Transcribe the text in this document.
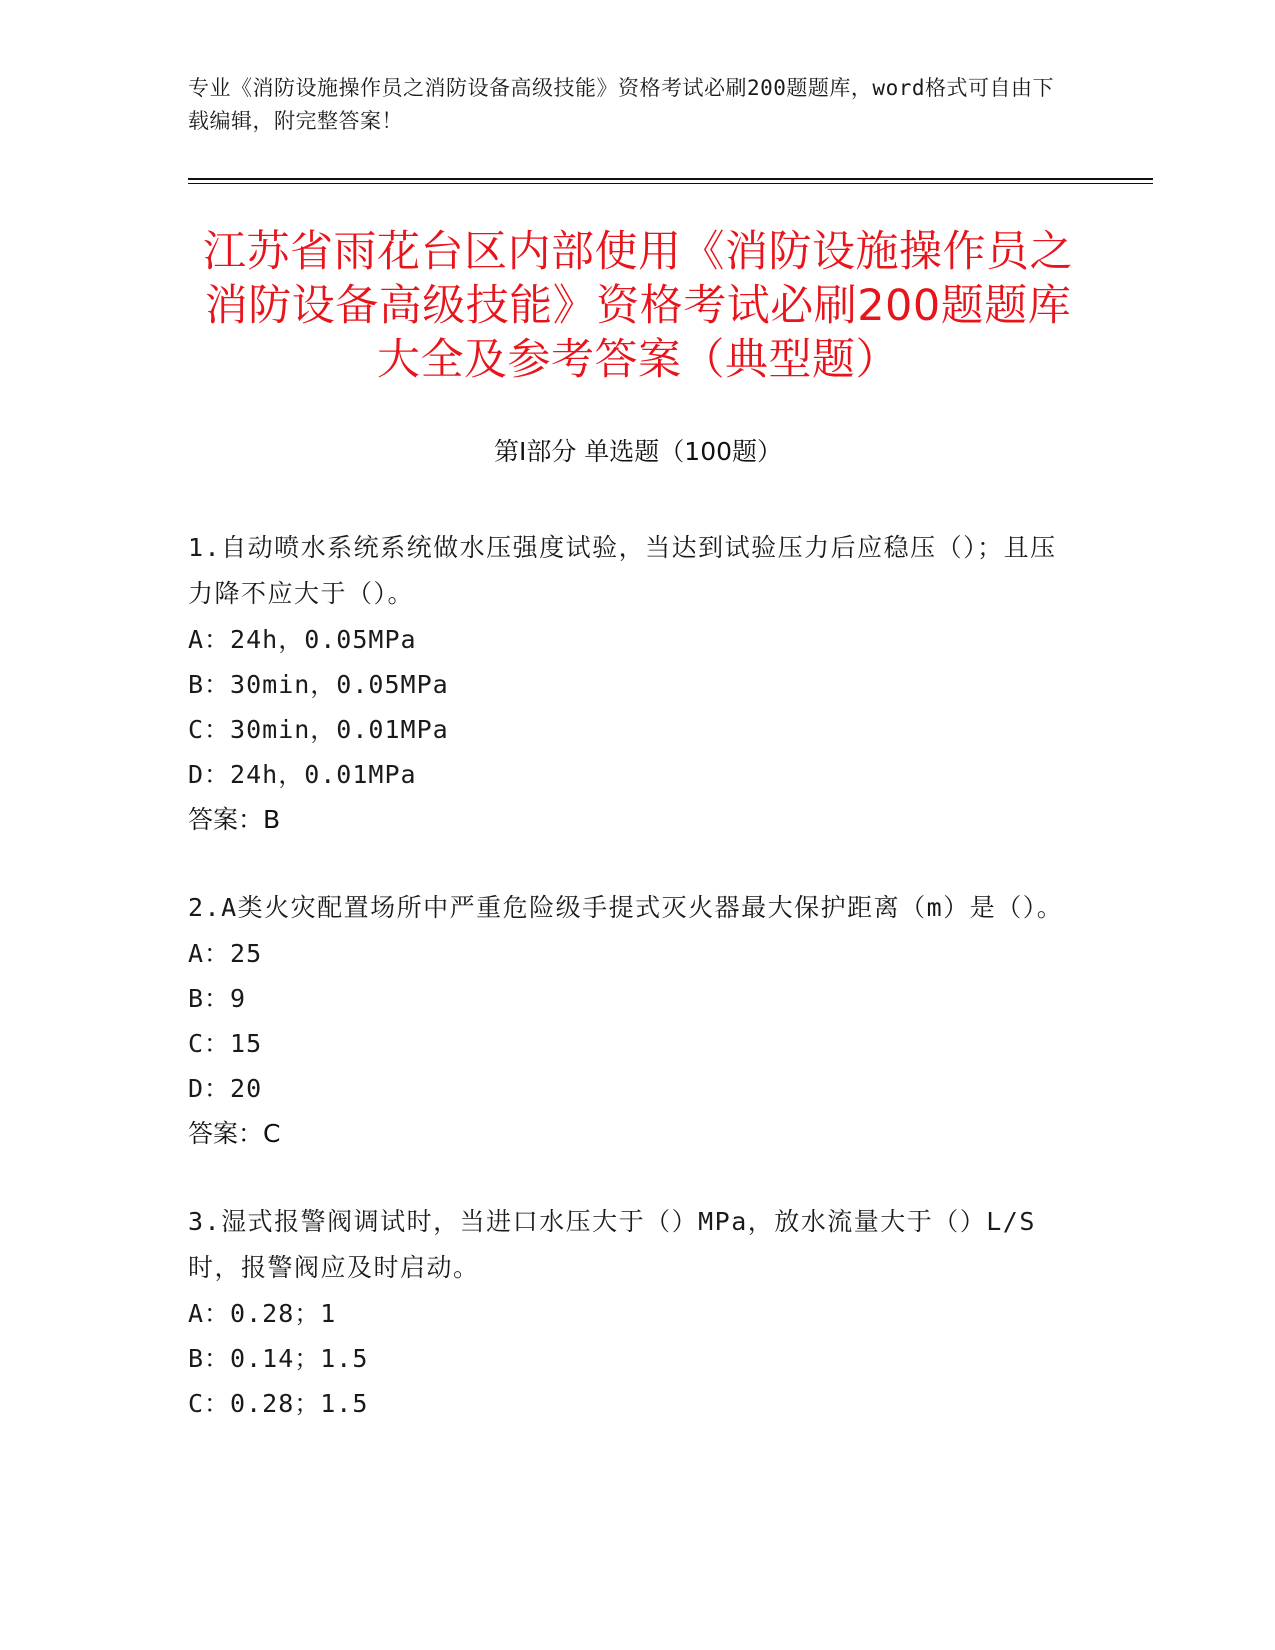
专业《消防设施操作员之消防设备高级技能》资格考试必刷200题题库，word格式可自由下载编辑，附完整答案！
江苏省雨花台区内部使用《消防设施操作员之消防设备高级技能》资格考试必刷200题题库大全及参考答案（典型题）
第Ⅰ部分 单选题（100题）

1.自动喷水系统系统做水压强度试验，当达到试验压力后应稳压（）；且压力降不应大于（）。

A：24h，0.05MPa

B：30min，0.05MPa

C：30min，0.01MPa

D：24h，0.01MPa

答案：B

2.A类火灾配置场所中严重危险级手提式灭火器最大保护距离（m）是（）。

A：25

B：9

C：15

D：20

答案：C

3.湿式报警阀调试时，当进口水压大于（）MPa，放水流量大于（）L/S时，报警阀应及时启动。

A：0.28；1

B：0.14；1.5

C：0.28；1.5
